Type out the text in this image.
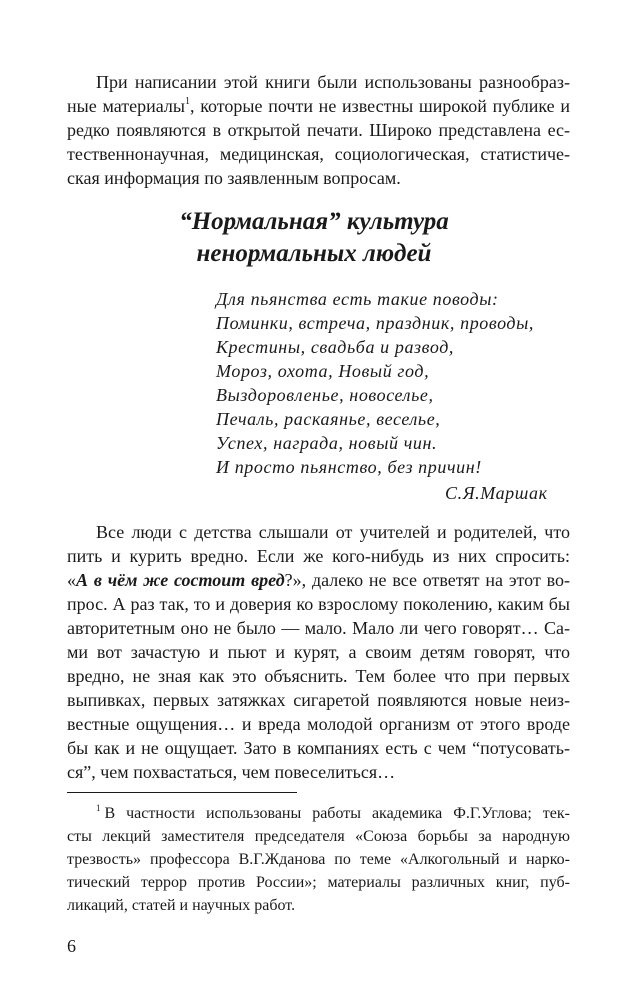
При написании этой книги были использованы разнообраз-
ные материалы$^1$, которые почти не известны широкой публике и
редко появляются в открытой печати. Широко представлена ес-
тественнонаучная, медицинская, социологическая, статистиче-
ская информация по заявленным вопросам.
“Нормальная” культура
ненормальных людей
Для пьянства есть такие поводы:
Поминки, встреча, праздник, проводы,
Крестины, свадьба и развод,
Мороз, охота, Новый год,
Выздоровленье, новоселье,
Печаль, раскаянье, веселье,
Успех, награда, новый чин.
И просто пьянство, без причин!
С.Я.Маршак
Все люди с детства слышали от учителей и родителей, что
пить и курить вредно. Если же кого-нибудь из них спросить:
«А в чём же состоит вред?», далеко не все ответят на этот во-
прос. А раз так, то и доверия ко взрослому поколению, каким бы
авторитетным оно не было — мало. Мало ли чего говорят… Са-
ми вот зачастую и пьют и курят, а своим детям говорят, что
вредно, не зная как это объяснить. Тем более что при первых
выпивках, первых затяжках сигаретой появляются новые неиз-
вестные ощущения… и вреда молодой организм от этого вроде
бы как и не ощущает. Зато в компаниях есть с чем “потусовать-
ся”, чем похвастаться, чем повеселиться…
$^1$ В частности использованы работы академика Ф.Г.Углова; тек-
сты лекций заместителя председателя «Союза борьбы за народную
трезвость» профессора В.Г.Жданова по теме «Алкогольный и нарко-
тический террор против России»; материалы различных книг, пуб-
ликаций, статей и научных работ.
6
